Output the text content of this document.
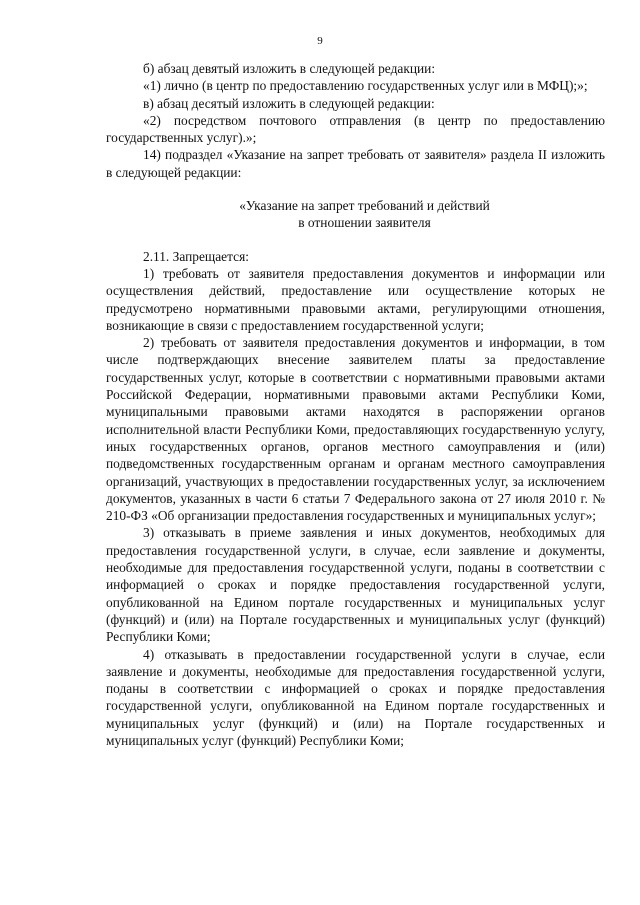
9

б) абзац девятый изложить в следующей редакции:

«1) лично (в центр по предоставлению государственных услуг или в МФЦ);»;

в) абзац десятый изложить в следующей редакции:

«2) посредством почтового отправления (в центр по предоставлению государственных услуг).»;

14) подраздел «Указание на запрет требовать от заявителя» раздела II изложить в следующей редакции:

«Указание на запрет требований и действий

в отношении заявителя

2.11. Запрещается:

1) требовать от заявителя предоставления документов и информации или осуществления действий, предоставление или осуществление которых не предусмотрено нормативными правовыми актами, регулирующими отношения, возникающие в связи с предоставлением государственной услуги;

2) требовать от заявителя предоставления документов и информации, в том числе подтверждающих внесение заявителем платы за предоставление государственных услуг, которые в соответствии с нормативными правовыми актами Российской Федерации, нормативными правовыми актами Республики Коми, муниципальными правовыми актами находятся в распоряжении органов исполнительной власти Республики Коми, предоставляющих государственную услугу, иных государственных органов, органов местного самоуправления и (или) подведомственных государственным органам и органам местного самоуправления организаций, участвующих в предоставлении государственных услуг, за исключением документов, указанных в части 6 статьи 7 Федерального закона от 27 июля 2010 г. № 210-ФЗ «Об организации предоставления государственных и муниципальных услуг»;

3) отказывать в приеме заявления и иных документов, необходимых для предоставления государственной услуги, в случае, если заявление и документы, необходимые для предоставления государственной услуги, поданы в соответствии с информацией о сроках и порядке предоставления государственной услуги, опубликованной на Едином портале государственных и муниципальных услуг (функций) и (или) на Портале государственных и муниципальных услуг (функций) Республики Коми;

4) отказывать в предоставлении государственной услуги в случае, если заявление и документы, необходимые для предоставления государственной услуги, поданы в соответствии с информацией о сроках и порядке предоставления государственной услуги, опубликованной на Едином портале государственных и муниципальных услуг (функций) и (или) на Портале государственных и муниципальных услуг (функций) Республики Коми;
